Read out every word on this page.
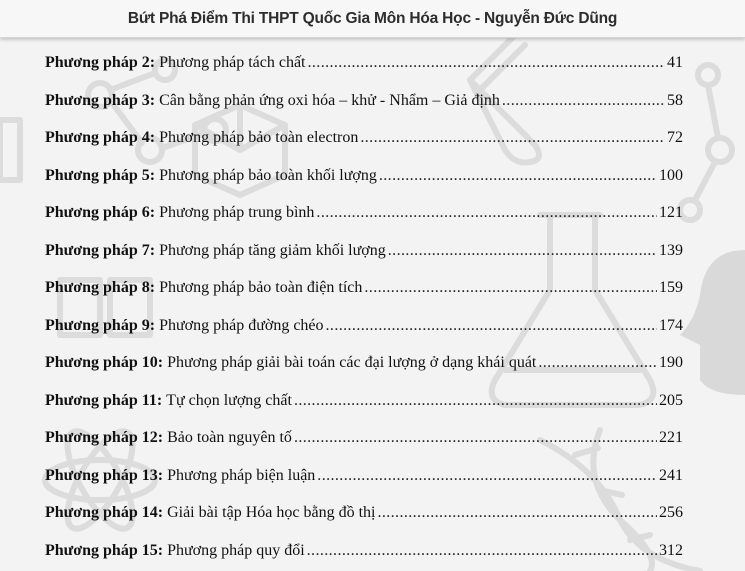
Bứt Phá Điểm Thi THPT Quốc Gia Môn Hóa Học - Nguyễn Đức Dũng
Phương pháp 2: Phương pháp tách chất .....	41
Phương pháp 3: Cân bằng phản ứng oxi hóa – khử - Nhẩm – Giả định .....	58
Phương pháp 4: Phương pháp bảo toàn electron .....	72
Phương pháp 5: Phương pháp bảo toàn khối lượng .....	100
Phương pháp 6: Phương pháp trung bình .....	121
Phương pháp 7: Phương pháp tăng giảm khối lượng .....	139
Phương pháp 8: Phương pháp bảo toàn điện tích .....	159
Phương pháp 9: Phương pháp đường chéo .....	174
Phương pháp 10: Phương pháp giải bài toán các đại lượng ở dạng khái quát .....	190
Phương pháp 11: Tự chọn lượng chất .....	205
Phương pháp 12: Bảo toàn nguyên tố .....	221
Phương pháp 13: Phương pháp biện luận .....	241
Phương pháp 14: Giải bài tập Hóa học bằng đồ thị .....	256
Phương pháp 15: Phương pháp quy đổi .....	312
